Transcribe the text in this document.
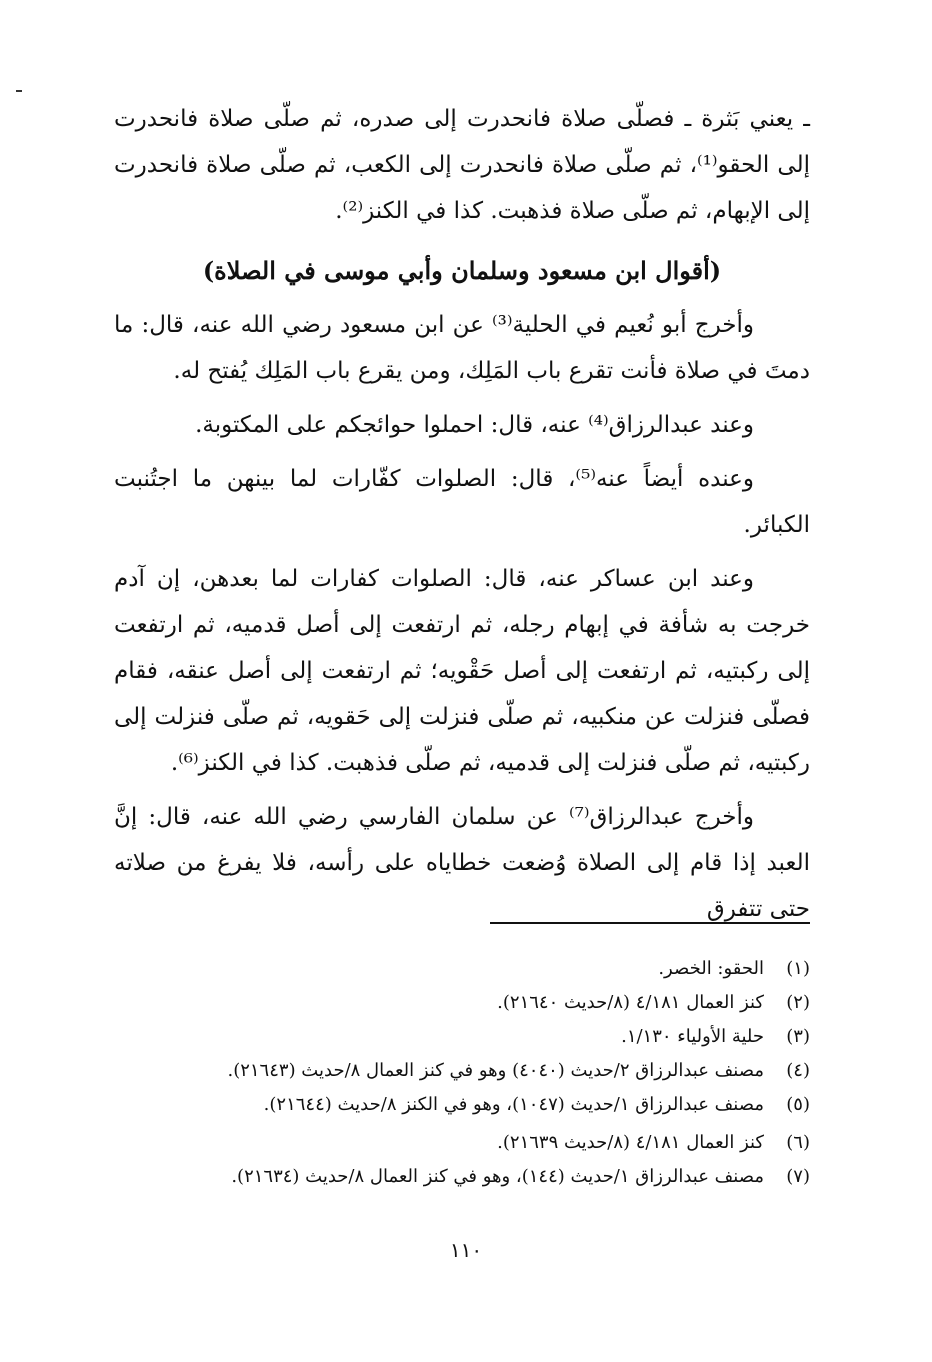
ـ يعني بَثرة ـ فصلّى صلاة فانحدرت إلى صدره، ثم صلّى صلاة فانحدرت إلى الحقو⁽¹⁾، ثم صلّى صلاة فانحدرت إلى الكعب، ثم صلّى صلاة فانحدرت إلى الإبهام، ثم صلّى صلاة فذهبت. كذا في الكنز⁽²⁾.

(أقوال ابن مسعود وسلمان وأبي موسى في الصلاة)

وأخرج أبو نُعيم في الحلية⁽³⁾ عن ابن مسعود رضي الله عنه، قال: ما دمتَ في صلاة فأنت تقرع باب المَلِك، ومن يقرع باب المَلِك يُفتح له.

وعند عبدالرزاق⁽⁴⁾ عنه، قال: احملوا حوائجكم على المكتوبة.

وعنده أيضاً عنه⁽⁵⁾، قال: الصلوات كفّارات لما بينهن ما اجتُنبت الكبائر.

وعند ابن عساكر عنه، قال: الصلوات كفارات لما بعدهن، إن آدم خرجت به شأفة في إبهام رجله، ثم ارتفعت إلى أصل قدميه، ثم ارتفعت إلى ركبتيه، ثم ارتفعت إلى أصل حَقْويه؛ ثم ارتفعت إلى أصل عنقه، فقام فصلّى فنزلت عن منكبيه، ثم صلّى فنزلت إلى حَقويه، ثم صلّى فنزلت إلى ركبتيه، ثم صلّى فنزلت إلى قدميه، ثم صلّى فذهبت. كذا في الكنز⁽⁶⁾.

وأخرج عبدالرزاق⁽⁷⁾ عن سلمان الفارسي رضي الله عنه، قال: إنَّ العبد إذا قام إلى الصلاة وُضعت خطاياه على رأسه، فلا يفرغ من صلاته حتى تتفرق

(١)
الحقو: الخصر.
(٢)
كنز العمال ٤/١٨١ (٨/حديث ٢١٦٤٠).
(٣)
حلية الأولياء ١/١٣٠.
(٤)
مصنف عبدالرزاق ٢/حديث (٤٠٤٠) وهو في كنز العمال ٨/حديث (٢١٦٤٣).
(٥)
مصنف عبدالرزاق ١/حديث (١٠٤٧)، وهو في الكنز ٨/حديث (٢١٦٤٤).
(٦)
كنز العمال ٤/١٨١ (٨/حديث ٢١٦٣٩).
(٧)
مصنف عبدالرزاق ١/حديث (١٤٤)، وهو في كنز العمال ٨/حديث (٢١٦٣٤).
١١٠
